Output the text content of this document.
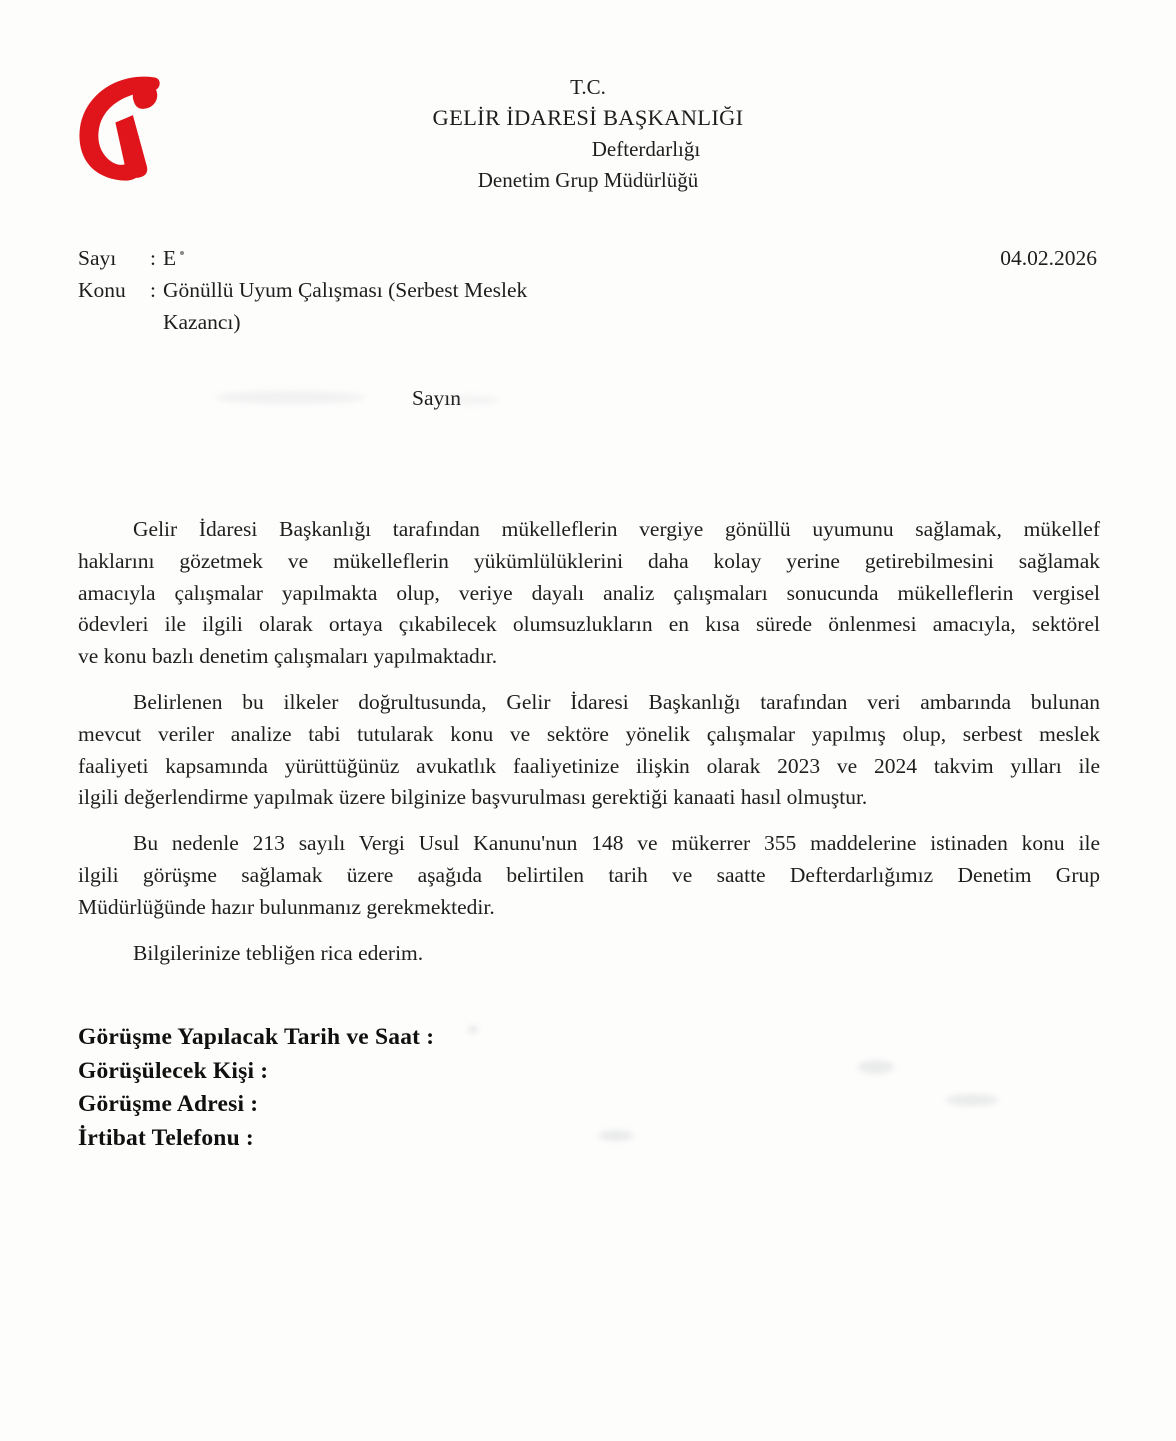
T.C.
GELİR İDARESİ BAŞKANLIĞI
Defterdarlığı
Denetim Grup Müdürlüğü
Sayı	: E
Konu	: Gönüllü Uyum Çalışması (Serbest Meslek Kazancı)
04.02.2026
Sayın
Gelir İdaresi Başkanlığı tarafından mükelleflerin vergiye gönüllü uyumunu sağlamak, mükellef
haklarını gözetmek ve mükelleflerin yükümlülüklerini daha kolay yerine getirebilmesini sağlamak
amacıyla çalışmalar yapılmakta olup, veriye dayalı analiz çalışmaları sonucunda mükelleflerin vergisel
ödevleri ile ilgili olarak ortaya çıkabilecek olumsuzlukların en kısa sürede önlenmesi amacıyla, sektörel
ve konu bazlı denetim çalışmaları yapılmaktadır.
Belirlenen bu ilkeler doğrultusunda, Gelir İdaresi Başkanlığı tarafından veri ambarında bulunan
mevcut veriler analize tabi tutularak konu ve sektöre yönelik çalışmalar yapılmış olup, serbest meslek
faaliyeti kapsamında yürüttüğünüz avukatlık faaliyetinize ilişkin olarak 2023 ve 2024 takvim yılları ile
ilgili değerlendirme yapılmak üzere bilginize başvurulması gerektiği kanaati hasıl olmuştur.
Bu nedenle 213 sayılı Vergi Usul Kanunu'nun 148 ve mükerrer 355 maddelerine istinaden konu ile
ilgili görüşme sağlamak üzere aşağıda belirtilen tarih ve saatte Defterdarlığımız Denetim Grup
Müdürlüğünde hazır bulunmanız gerekmektedir.
Bilgilerinize tebliğen rica ederim.
Görüşme Yapılacak Tarih ve Saat :
Görüşülecek Kişi :
Görüşme Adresi :
İrtibat Telefonu :
